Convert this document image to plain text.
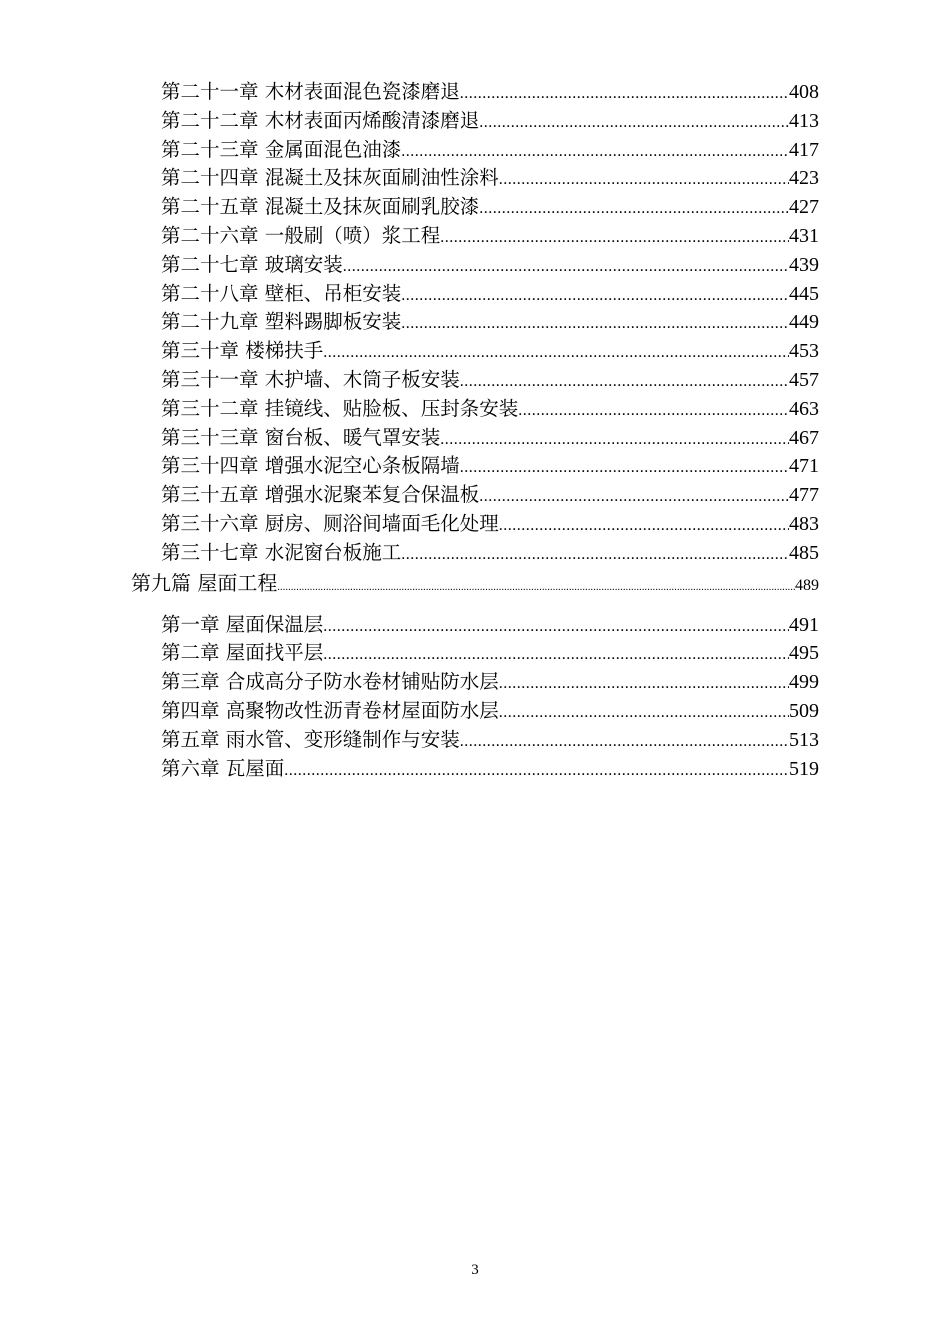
第二十一章 木材表面混色瓷漆磨退 .....	408
第二十二章 木材表面丙烯酸清漆磨退 .....	413
第二十三章 金属面混色油漆 .....	417
第二十四章 混凝土及抹灰面刷油性涂料 .....	423
第二十五章 混凝土及抹灰面刷乳胶漆 .....	427
第二十六章 一般刷（喷）浆工程 .....	431
第二十七章 玻璃安装 .....	439
第二十八章 壁柜、吊柜安装 .....	445
第二十九章 塑料踢脚板安装 .....	449
第三十章 楼梯扶手 .....	453
第三十一章 木护墙、木筒子板安装 .....	457
第三十二章 挂镜线、贴脸板、压封条安装 .....	463
第三十三章 窗台板、暖气罩安装 .....	467
第三十四章 增强水泥空心条板隔墙 .....	471
第三十五章 增强水泥聚苯复合保温板 .....	477
第三十六章 厨房、厕浴间墙面毛化处理 .....	483
第三十七章 水泥窗台板施工 .....	485
第九篇 屋面工程 .....	489
第一章 屋面保温层 .....	491
第二章 屋面找平层 .....	495
第三章 合成高分子防水卷材铺贴防水层 .....	499
第四章 高聚物改性沥青卷材屋面防水层 .....	509
第五章 雨水管、变形缝制作与安装 .....	513
第六章 瓦屋面 .....	519
3
